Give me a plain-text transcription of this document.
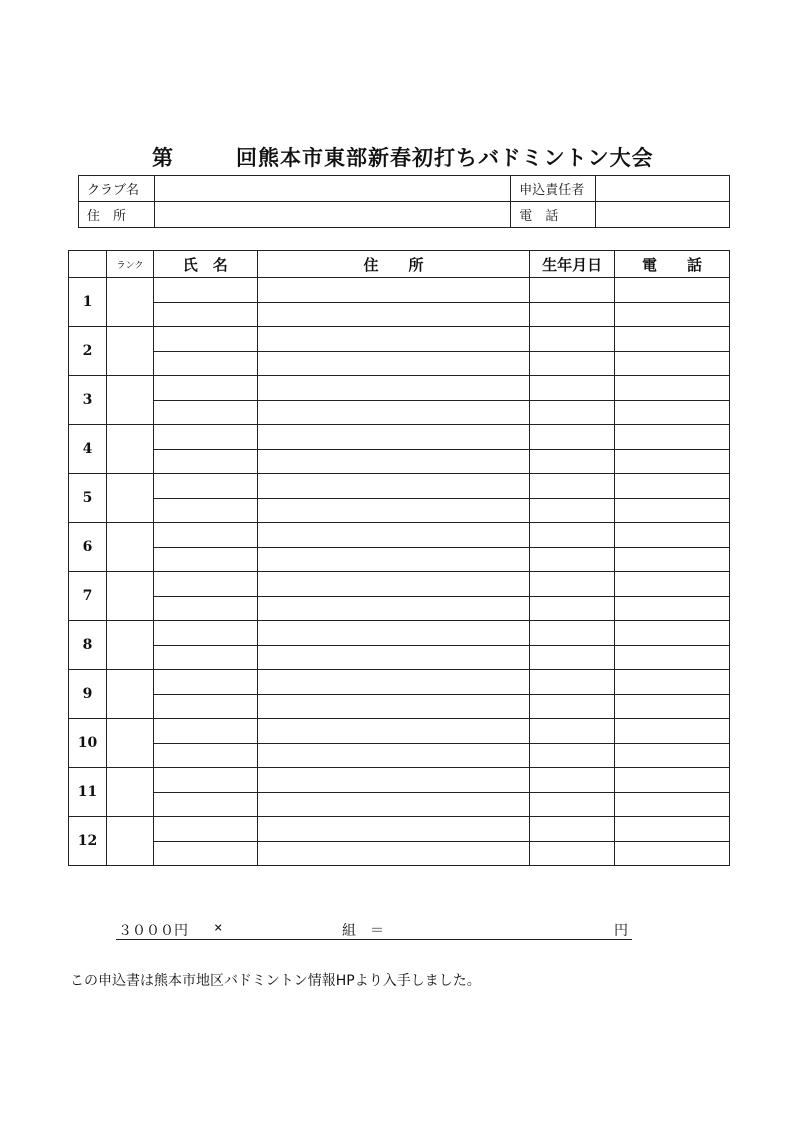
第	回熊本市東部新春初打ちバドミントン大会
クラブ名		申込責任者	
住　所		電　話	
	ランク	氏　名	住　　所	生年月日	電　　話
1					

2					

3					

4					

5					

6					

7					

8					

9					

10					

11					

12					

３０００円 ×	組　＝	円
この申込書は熊本市地区バドミントン情報HPより入手しました。
